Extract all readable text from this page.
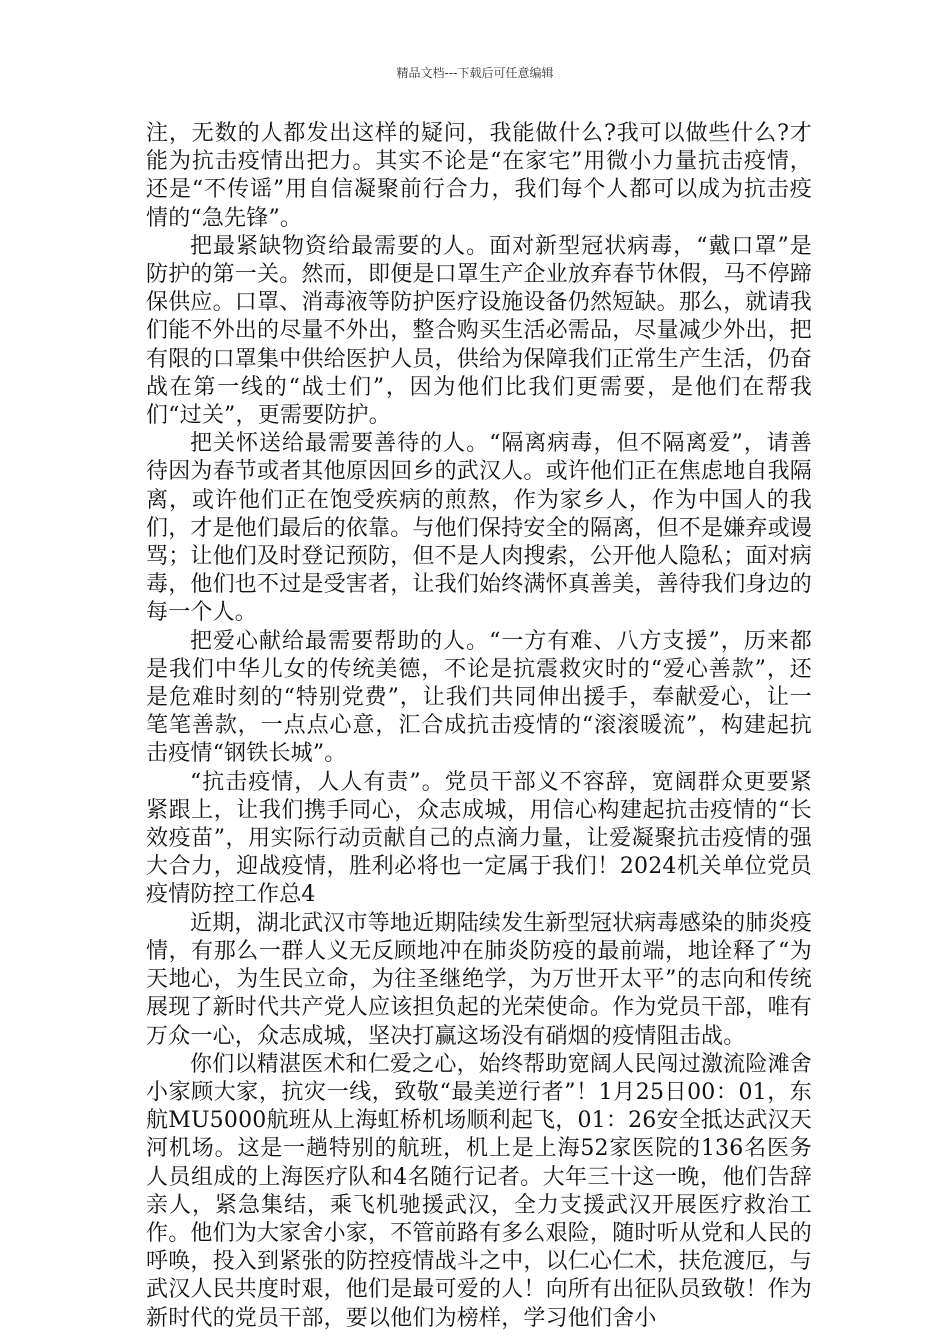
精品文档---下载后可任意编辑

注，无数的人都发出这样的疑问，我能做什么?我可以做些什么?才能为抗击疫情出把力。其实不论是“在家宅”用微小力量抗击疫情，还是“不传谣”用自信凝聚前行合力，我们每个人都可以成为抗击疫情的“急先锋”。

把最紧缺物资给最需要的人。面对新型冠状病毒，“戴口罩”是防护的第一关。然而，即便是口罩生产企业放弃春节休假，马不停蹄保供应。口罩、消毒液等防护医疗设施设备仍然短缺。那么，就请我们能不外出的尽量不外出，整合购买生活必需品，尽量减少外出，把有限的口罩集中供给医护人员，供给为保障我们正常生产生活，仍奋战在第一线的“战士们”，因为他们比我们更需要，是他们在帮我们“过关”，更需要防护。

把关怀送给最需要善待的人。“隔离病毒，但不隔离爱”，请善待因为春节或者其他原因回乡的武汉人。或许他们正在焦虑地自我隔离，或许他们正在饱受疾病的煎熬，作为家乡人，作为中国人的我们，才是他们最后的依靠。与他们保持安全的隔离，但不是嫌弃或谩骂；让他们及时登记预防，但不是人肉搜索，公开他人隐私；面对病毒，他们也不过是受害者，让我们始终满怀真善美，善待我们身边的每一个人。

把爱心献给最需要帮助的人。“一方有难、八方支援”，历来都是我们中华儿女的传统美德，不论是抗震救灾时的“爱心善款”，还是危难时刻的“特别党费”，让我们共同伸出援手，奉献爱心，让一笔笔善款，一点点心意，汇合成抗击疫情的“滚滚暖流”，构建起抗击疫情“钢铁长城”。

“抗击疫情，人人有责”。党员干部义不容辞，宽阔群众更要紧紧跟上，让我们携手同心，众志成城，用信心构建起抗击疫情的“长效疫苗”，用实际行动贡献自己的点滴力量，让爱凝聚抗击疫情的强大合力，迎战疫情，胜利必将也一定属于我们！2024机关单位党员疫情防控工作总4

近期，湖北武汉市等地近期陆续发生新型冠状病毒感染的肺炎疫情，有那么一群人义无反顾地冲在肺炎防疫的最前端，地诠释了“为天地心，为生民立命，为往圣继绝学，为万世开太平”的志向和传统展现了新时代共产党人应该担负起的光荣使命。作为党员干部，唯有万众一心，众志成城，坚决打赢这场没有硝烟的疫情阻击战。

你们以精湛医术和仁爱之心，始终帮助宽阔人民闯过激流险滩舍小家顾大家，抗灾一线，致敬“最美逆行者”！1月25日00：01，东航MU5000航班从上海虹桥机场顺利起飞，01：26安全抵达武汉天河机场。这是一趟特别的航班，机上是上海52家医院的136名医务人员组成的上海医疗队和4名随行记者。大年三十这一晚，他们告辞亲人，紧急集结，乘飞机驰援武汉，全力支援武汉开展医疗救治工作。他们为大家舍小家，不管前路有多么艰险，随时听从党和人民的呼唤，投入到紧张的防控疫情战斗之中，以仁心仁术，扶危渡厄，与武汉人民共度时艰，他们是最可爱的人！向所有出征队员致敬！作为新时代的党员干部，要以他们为榜样，学习他们舍小
